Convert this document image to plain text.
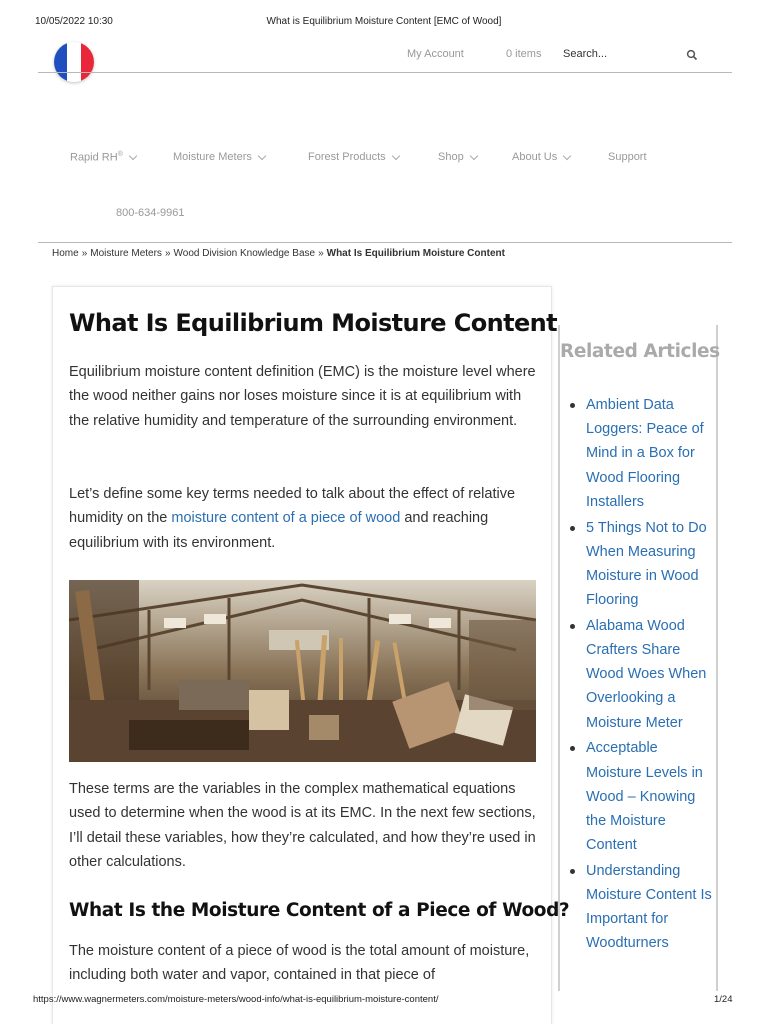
10/05/2022 10:30	What is Equilibrium Moisture Content [EMC of Wood]
My Account	0 items Search...
Rapid RH®	Moisture Meters	Forest Products	Shop	About Us	Support
800-634-9961
Home » Moisture Meters » Wood Division Knowledge Base » What Is Equilibrium Moisture Content
What Is Equilibrium Moisture Content

Equilibrium moisture content definition (EMC) is the moisture level where the wood neither gains nor loses moisture since it is at equilibrium with the relative humidity and temperature of the surrounding environment.

Let’s define some key terms needed to talk about the effect of relative humidity on the moisture content of a piece of wood and reaching equilibrium with its environment.

These terms are the variables in the complex mathematical equations used to determine when the wood is at its EMC. In the next few sections, I’ll detail these variables, how they’re calculated, and how they’re used in other calculations.

What Is the Moisture Content of a Piece of Wood?

The moisture content of a piece of wood is the total amount of moisture, including both water and vapor, contained in that piece of

Related Articles
Ambient Data Loggers: Peace of Mind in a Box for Wood Flooring Installers
5 Things Not to Do When Measuring Moisture in Wood Flooring
Alabama Wood Crafters Share Wood Woes When Overlooking a Moisture Meter
Acceptable Moisture Levels in Wood – Knowing the Moisture Content
Understanding Moisture Content Is Important for Woodturners
https://www.wagnermeters.com/moisture-meters/wood-info/what-is-equilibrium-moisture-content/	1/24
